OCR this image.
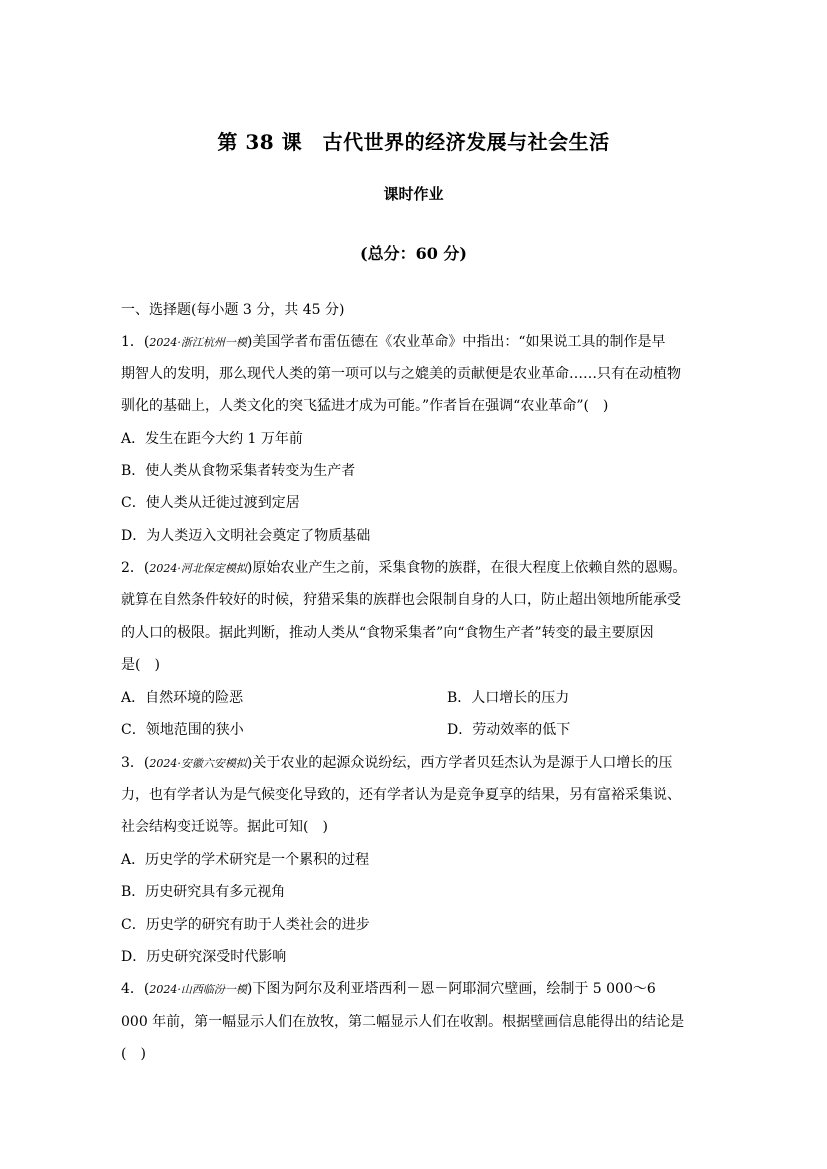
第 38 课　古代世界的经济发展与社会生活
课时作业
(总分：60 分)
一、选择题(每小题 3 分，共 45 分)
1．(2024·浙江杭州一模)美国学者布雷伍德在《农业革命》中指出：“如果说工具的制作是早
期智人的发明，那么现代人类的第一项可以与之媲美的贡献便是农业革命……只有在动植物
驯化的基础上，人类文化的突飞猛进才成为可能。”作者旨在强调“农业革命”(　)
A．发生在距今大约 1 万年前
B．使人类从食物采集者转变为生产者
C．使人类从迁徙过渡到定居
D．为人类迈入文明社会奠定了物质基础
2．(2024·河北保定模拟)原始农业产生之前，采集食物的族群，在很大程度上依赖自然的恩赐。
就算在自然条件较好的时候，狩猎采集的族群也会限制自身的人口，防止超出领地所能承受
的人口的极限。据此判断，推动人类从“食物采集者”向“食物生产者”转变的最主要原因
是(　)
A．自然环境的险恶	B．人口增长的压力
C．领地范围的狭小	D．劳动效率的低下
3．(2024·安徽六安模拟)关于农业的起源众说纷纭，西方学者贝廷杰认为是源于人口增长的压
力，也有学者认为是气候变化导致的，还有学者认为是竞争夏享的结果，另有富裕采集说、
社会结构变迁说等。据此可知(　)
A．历史学的学术研究是一个累积的过程
B．历史研究具有多元视角
C．历史学的研究有助于人类社会的进步
D．历史研究深受时代影响
4．(2024·山西临汾一模)下图为阿尔及利亚塔西利－恩－阿耶洞穴壁画，绘制于 5 000～6
000 年前，第一幅显示人们在放牧，第二幅显示人们在收割。根据壁画信息能得出的结论是
(　)
